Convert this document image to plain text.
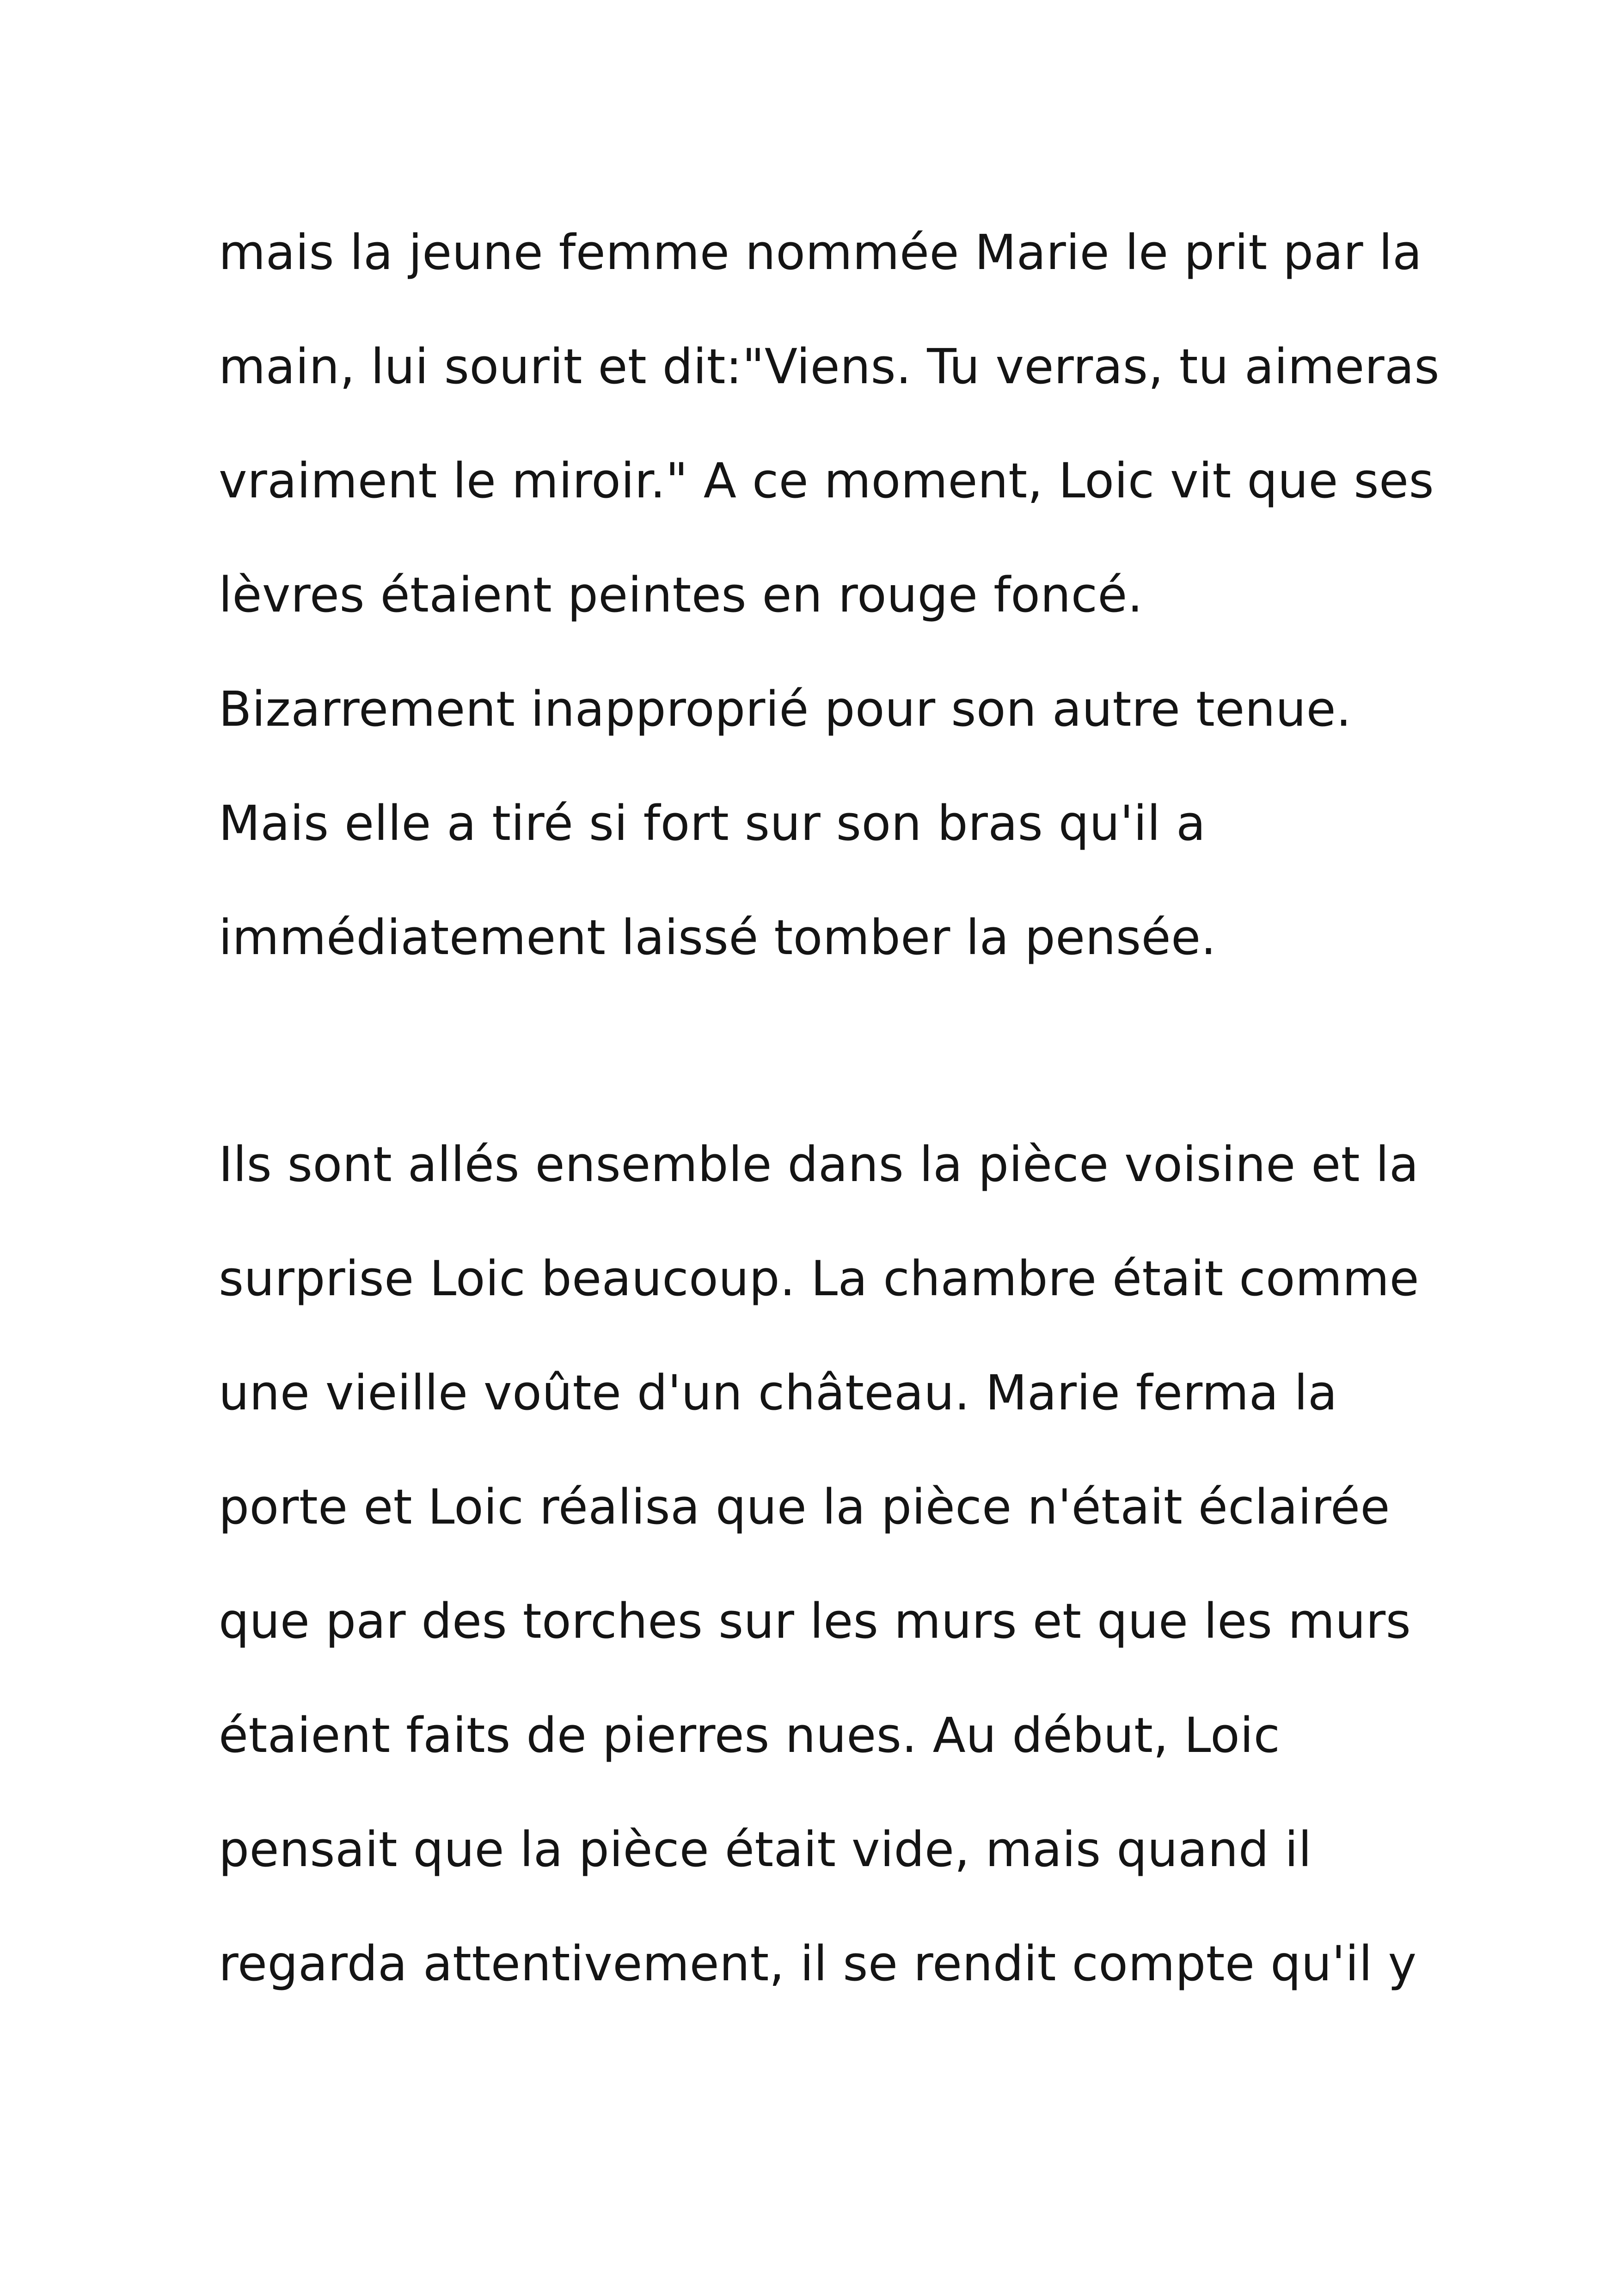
mais la jeune femme nommée Marie le prit par la
main, lui sourit et dit:"Viens. Tu verras, tu aimeras
vraiment le miroir." A ce moment, Loic vit que ses
lèvres étaient peintes en rouge foncé.
Bizarrement inapproprié pour son autre tenue.
Mais elle a tiré si fort sur son bras qu'il a
immédiatement laissé tomber la pensée.
Ils sont allés ensemble dans la pièce voisine et la
surprise Loic beaucoup. La chambre était comme
une vieille voûte d'un château. Marie ferma la
porte et Loic réalisa que la pièce n'était éclairée
que par des torches sur les murs et que les murs
étaient faits de pierres nues. Au début, Loic
pensait que la pièce était vide, mais quand il
regarda attentivement, il se rendit compte qu'il y
